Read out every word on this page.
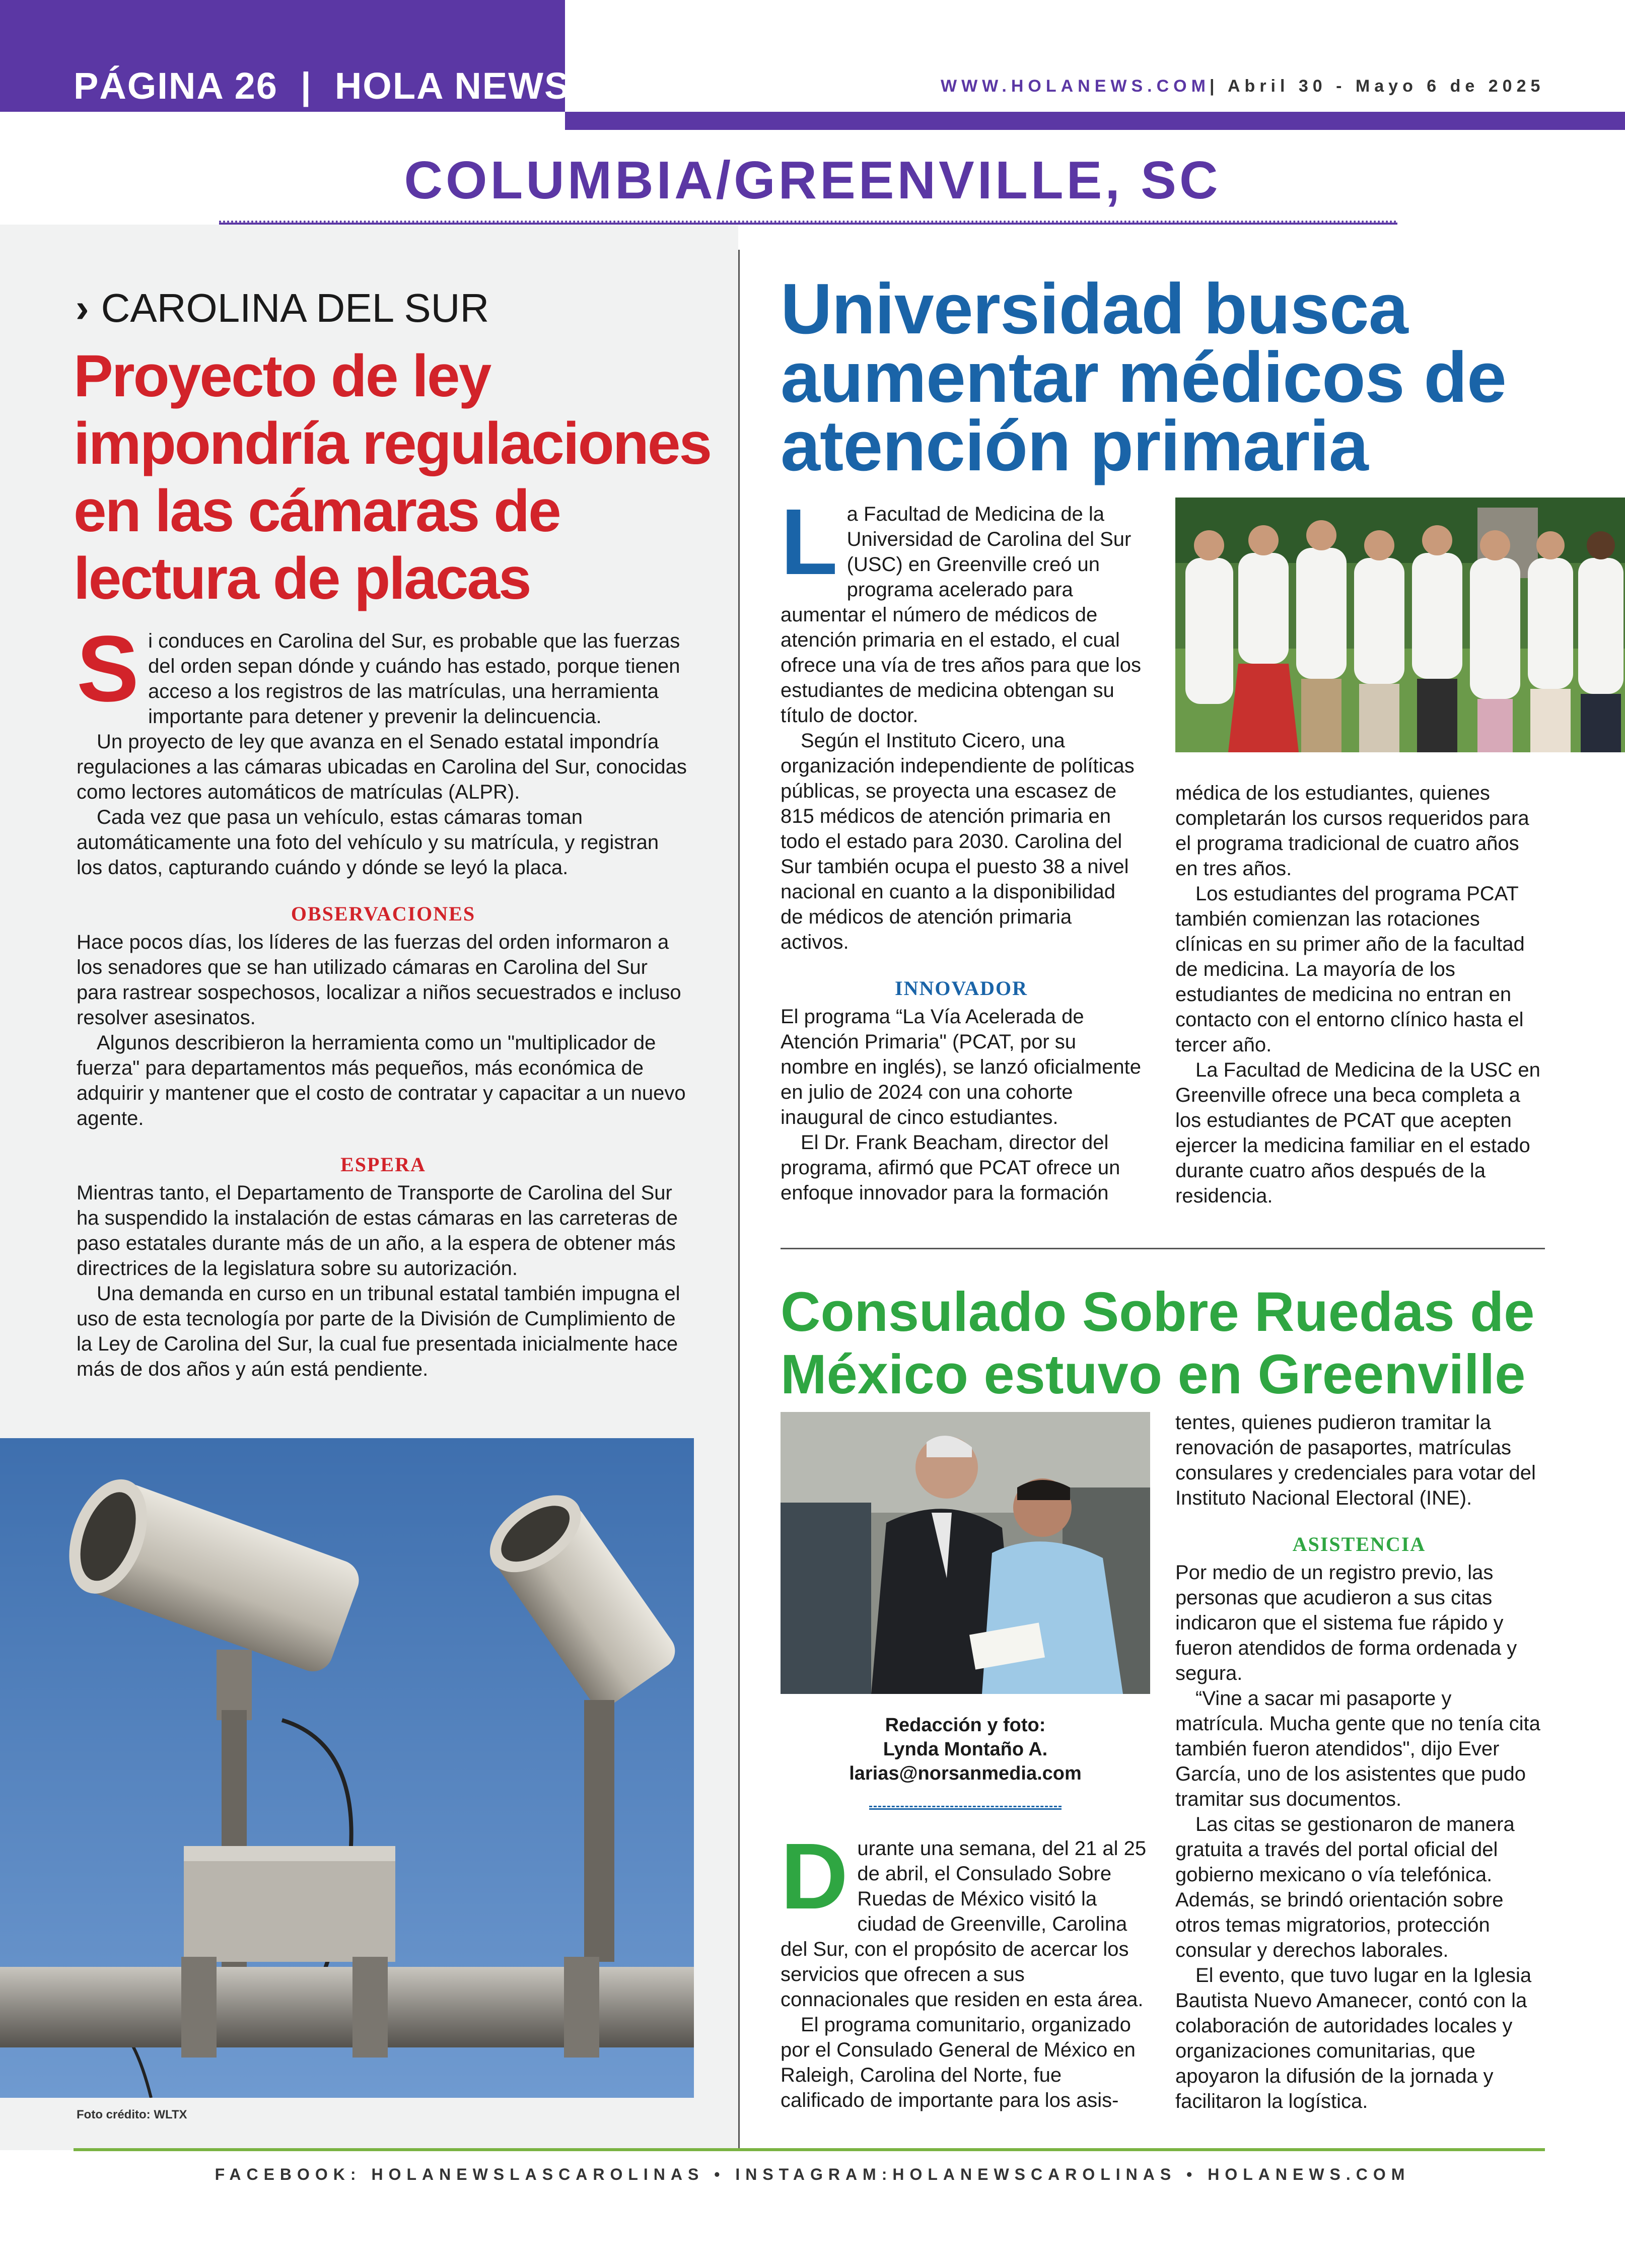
PÁGINA 26  |  HOLA NEWS	WWW.HOLANEWS.COM | Abril 30 - Mayo 6 de 2025
COLUMBIA/GREENVILLE, SC
› CAROLINA DEL SUR
Proyecto de ley impondría regulaciones en las cámaras de lectura de placas

Si conduces en Carolina del Sur, es probable que las fuerzas del orden sepan dónde y cuándo has estado, porque tienen acceso a los registros de las matrículas, una herramienta importante para detener y prevenir la delincuencia.

Un proyecto de ley que avanza en el Senado estatal impondría regulaciones a las cámaras ubicadas en Carolina del Sur, conocidas como lectores automáticos de matrículas (ALPR).

Cada vez que pasa un vehículo, estas cámaras toman automáticamente una foto del vehículo y su matrícula, y registran los datos, capturando cuándo y dónde se leyó la placa.

OBSERVACIONES

Hace pocos días, los líderes de las fuerzas del orden informaron a los senadores que se han utilizado cámaras en Carolina del Sur para rastrear sospechosos, localizar a niños secuestrados e incluso resolver asesinatos.

Algunos describieron la herramienta como un "multiplicador de fuerza" para departamentos más pequeños, más económica de adquirir y mantener que el costo de contratar y capacitar a un nuevo agente.

ESPERA

Mientras tanto, el Departamento de Transporte de Carolina del Sur ha suspendido la instalación de estas cámaras en las carreteras de paso estatales durante más de un año, a la espera de obtener más directrices de la legislatura sobre su autorización.

Una demanda en curso en un tribunal estatal también impugna el uso de esta tecnología por parte de la División de Cumplimiento de la Ley de Carolina del Sur, la cual fue presentada inicialmente hace más de dos años y aún está pendiente.

Foto crédito: WLTX
Universidad busca aumentar médicos de atención primaria

La Facultad de Medicina de la Universidad de Carolina del Sur (USC) en Greenville creó un programa acelerado para aumentar el número de médicos de atención primaria en el estado, el cual ofrece una vía de tres años para que los estudiantes de medicina obtengan su título de doctor.

Según el Instituto Cicero, una organización independiente de políticas públicas, se proyecta una escasez de 815 médicos de atención primaria en todo el estado para 2030. Carolina del Sur también ocupa el puesto 38 a nivel nacional en cuanto a la disponibilidad de médicos de atención primaria activos.

INNOVADOR

El programa “La Vía Acelerada de Atención Primaria" (PCAT, por su nombre en inglés), se lanzó oficialmente en julio de 2024 con una cohorte inaugural de cinco estudiantes.

El Dr. Frank Beacham, director del programa, afirmó que PCAT ofrece un enfoque innovador para la formación

médica de los estudiantes, quienes completarán los cursos requeridos para el programa tradicional de cuatro años en tres años.

Los estudiantes del programa PCAT también comienzan las rotaciones clínicas en su primer año de la facultad de medicina. La mayoría de los estudiantes de medicina no entran en contacto con el entorno clínico hasta el tercer año.

La Facultad de Medicina de la USC en Greenville ofrece una beca completa a los estudiantes de PCAT que acepten ejercer la medicina familiar en el estado durante cuatro años después de la residencia.

Consulado Sobre Ruedas de México estuvo en Greenville
Redacción y foto:
Lynda Montaño A.
larias@norsanmedia.com

Durante una semana, del 21 al 25 de abril, el Consulado Sobre Ruedas de México visitó la ciudad de Greenville, Carolina del Sur, con el propósito de acercar los servicios que ofrecen a sus connacionales que residen en esta área.

El programa comunitario, organizado por el Consulado General de México en Raleigh, Carolina del Norte, fue calificado de importante para los asis-

tentes, quienes pudieron tramitar la renovación de pasaportes, matrículas consulares y credenciales para votar del Instituto Nacional Electoral (INE).

ASISTENCIA

Por medio de un registro previo, las personas que acudieron a sus citas indicaron que el sistema fue rápido y fueron atendidos de forma ordenada y segura.

“Vine a sacar mi pasaporte y matrícula. Mucha gente que no tenía cita también fueron atendidos", dijo Ever García, uno de los asistentes que pudo tramitar sus documentos.

Las citas se gestionaron de manera gratuita a través del portal oficial del gobierno mexicano o vía telefónica. Además, se brindó orientación sobre otros temas migratorios, protección consular y derechos laborales.

El evento, que tuvo lugar en la Iglesia Bautista Nuevo Amanecer, contó con la colaboración de autoridades locales y organizaciones comunitarias, que apoyaron la difusión de la jornada y facilitaron la logística.

FACEBOOK: HOLANEWSLASCAROLINAS • INSTAGRAM:HOLANEWSCAROLINAS • HOLANEWS.COM
